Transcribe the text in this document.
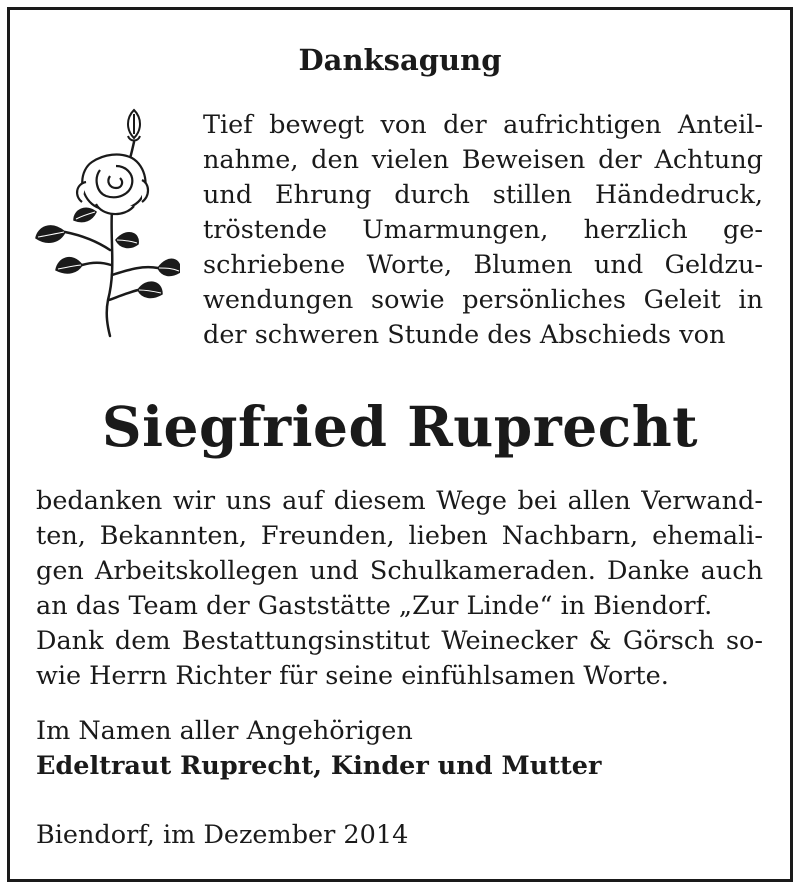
Danksagung
Tief bewegt von der aufrichtigen Anteil-
nahme, den vielen Beweisen der Achtung
und Ehrung durch stillen Händedruck,
tröstende Umarmungen, herzlich ge-
schriebene Worte, Blumen und Geldzu-
wendungen sowie persönliches Geleit in
der schweren Stunde des Abschieds von
Siegfried Ruprecht
bedanken wir uns auf diesem Wege bei allen Verwand-
ten, Bekannten, Freunden, lieben Nachbarn, ehemali-
gen Arbeitskollegen und Schulkameraden. Danke auch
an das Team der Gaststätte „Zur Linde“ in Biendorf.
Dank dem Bestattungsinstitut Weinecker & Görsch so-
wie Herrn Richter für seine einfühlsamen Worte.
Im Namen aller Angehörigen
Edeltraut Ruprecht, Kinder und Mutter
Biendorf, im Dezember 2014
